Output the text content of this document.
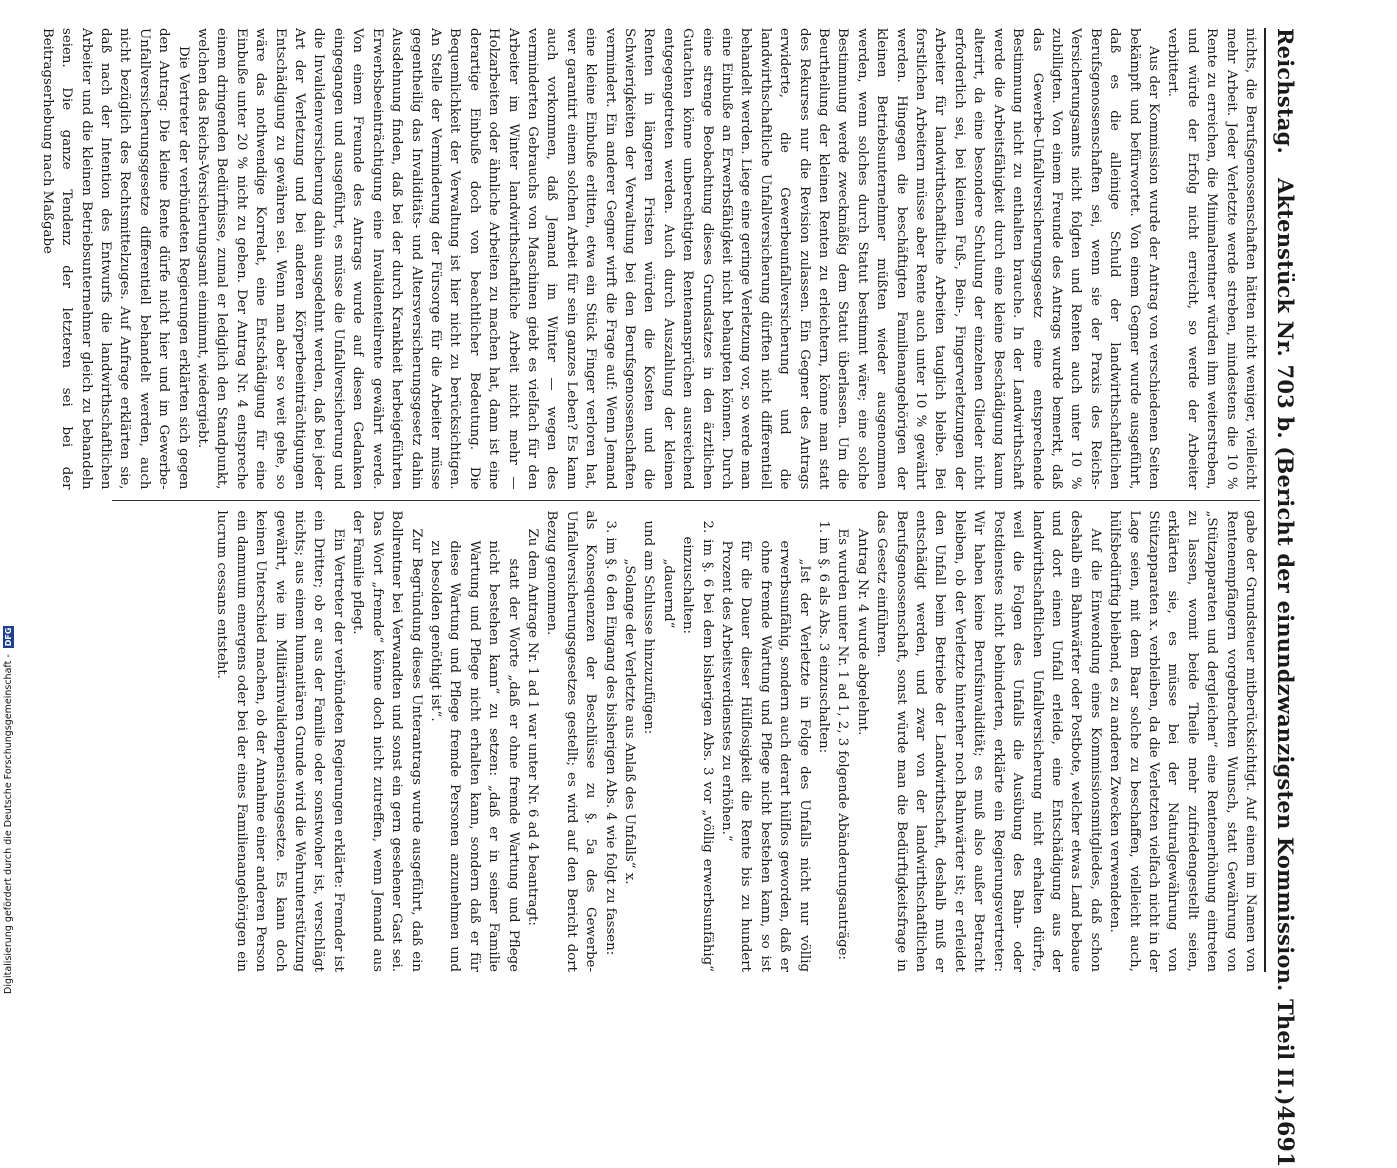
Digitalisierung gefördert durch die Deutsche Forschungsgemeinschaft -DFG
Reichstag.
Aktenstück Nr. 703 b. (Bericht der einundzwanzigsten Kommission. Theil II.)
4691

nichts, die Berufsgenossenschaften hätten nicht weniger, vielleicht mehr Arbeit. Jeder Verletzte werde streben, mindestens die 10 % Rente zu erreichen, die Minimalrentner würden ihm weiterstreben, und würde der Erfolg nicht erreicht, so werde der Arbeiter verbittert.

Aus der Kommission wurde der Antrag von verschiedenen Seiten bekämpft und befürwortet. Von einem Gegner wurde ausgeführt, daß es die alleinige Schuld der landwirthschaftlichen Berufsgenossenschaften sei, wenn sie der Praxis des Reichs-Versicherungsamts nicht folgten und Renten auch unter 10 % zubilligten. Von einem Freunde des Antrags wurde bemerkt, daß das Gewerbe-Unfallversicherungsgesetz eine entsprechende Bestimmung nicht zu enthalten brauche. In der Landwirthschaft werde die Arbeitsfähigkeit durch eine kleine Beschädigung kaum alterirt, da eine besondere Schulung der einzelnen Glieder nicht erforderlich sei, bei kleinen Fuß-, Bein-, Fingerverletzungen der Arbeiter für landwirthschaftliche Arbeiten tauglich bleibe. Bei forstlichen Arbeitern müsse aber Rente auch unter 10 % gewährt werden. Hingegen die beschäftigten Familienangehörigen der kleinen Betriebsunternehmer müßten wieder ausgenommen werden, wenn solches durch Statut bestimmt wäre; eine solche Bestimmung werde zweckmäßig dem Statut überlassen. Um die Beurtheilung der kleinen Renten zu erleichtern, könne man statt des Rekurses nur die Revision zulassen. Ein Gegner des Antrags erwiderte, die Gewerbeunfallversicherung und die landwirthschaftliche Unfallversicherung dürften nicht differentiell behandelt werden. Liege eine geringe Verletzung vor, so werde man eine Einbuße an Erwerbsfähigkeit nicht behaupten können. Durch eine strenge Beobachtung dieses Grundsatzes in den ärztlichen Gutachten könne unberechtigten Rentenansprüchen ausreichend entgegengetreten werden. Auch durch Auszahlung der kleinen Renten in längeren Fristen würden die Kosten und die Schwierigkeiten der Verwaltung bei den Berufsgenossenschaften vermindert. Ein anderer Gegner wirft die Frage auf: Wenn Jemand eine kleine Einbuße erlitten, etwa ein Stück Finger verloren hat, wer garantirt einem solchen Arbeit für sein ganzes Leben? Es kann auch vorkommen, daß Jemand im Winter — wegen des verminderten Gebrauchs von Maschinen giebt es vielfach für den Arbeiter im Winter landwirthschaftliche Arbeit nicht mehr — Holzarbeiten oder ähnliche Arbeiten zu machen hat, dann ist eine derartige Einbuße doch von beachtlicher Bedeutung. Die Bequemlichkeit der Verwaltung ist hier nicht zu berücksichtigen. An Stelle der Verminderung der Fürsorge für die Arbeiter müsse gegentheilig das Invaliditäts- und Altersversicherungsgesetz dahin Ausdehnung finden, daß bei der durch Krankheit herbeigeführten Erwerbsbeeinträchtigung eine Invalidenteilrente gewährt werde. Von einem Freunde des Antrags wurde auf diesen Gedanken eingegangen und ausgeführt, es müsse die Unfallversicherung und die Invalidenversicherung dahin ausgedehnt werden, daß bei jeder Art der Verletzung und bei anderen Körperbeeinträchtigungen Entschädigung zu gewähren sei. Wenn man aber so weit gehe, so wäre das nothwendige Korrelat, eine Entschädigung für eine Einbuße unter 20 % nicht zu geben. Der Antrag Nr. 4 entspreche einem dringenden Bedürfnisse, zumal er lediglich den Standpunkt, welchen das Reichs-Versicherungsamt einnimmt, wiedergiebt.

Die Vertreter der verbündeten Regierungen erklärten sich gegen den Antrag: Die kleine Rente dürfe nicht hier und im Gewerbe-Unfallversicherungsgesetze differentiell behandelt werden, auch nicht bezüglich des Rechtsmittelzuges. Auf Anfrage erklärten sie, daß nach der Intention des Entwurfs die landwirthschaftlichen Arbeiter und die kleinen Betriebsunternehmer gleich zu behandeln seien. Die ganze Tendenz der letzteren sei bei der Beitragserhebung nach Maßgabe

gabe der Grundsteuer mitberücksichtigt. Auf einem im Namen von Rentenempfängern vorgebrachten Wunsch, statt Gewährung von „Stützapparaten und dergleichen“ eine Rentenerhöhung eintreten zu lassen, womit beide Theile mehr zufriedengestellt seien, erklärten sie, es müsse bei der Naturalgewährung von Stützapparaten x. verbleiben, da die Verletzten vielfach nicht in der Lage seien, mit dem Baar solche zu beschaffen, vielleicht auch, hülfsbedürftig bleibend, es zu anderen Zwecken verwendeten.

Auf die Einwendung eines Kommissionsmitgliedes, daß schon deshalb ein Bahnwärter oder Postbote, welcher etwas Land bebaue und dort einen Unfall erleide, eine Entschädigung aus der landwirthschaftlichen Unfallversicherung nicht erhalten dürfte, weil die Folgen des Unfalls die Ausübung des Bahn- oder Postdienstes nicht behinderten, erklärte ein Regierungsvertreter: Wir haben keine Berufsinvalidität; es muß also außer Betracht bleiben, ob der Verletzte hinterher noch Bahnwärter ist; er erleidet den Unfall beim Betriebe der Landwirthschaft, deshalb muß er entschädigt werden, und zwar von der landwirthschaftlichen Berufsgenossenschaft, sonst würde man die Bedürftigkeitsfrage in das Gesetz einführen.

Antrag Nr. 4 wurde abgelehnt.

Es wurden unter Nr. 1 ad 1, 2, 3 folgende Abänderungsanträge:

1. im §. 6 als Abs. 3 einzuschalten:

„Ist der Verletzte in Folge des Unfalls nicht nur völlig erwerbsunfähig, sondern auch derart hülflos geworden, daß er ohne fremde Wartung und Pflege nicht bestehen kann, so ist für die Dauer dieser Hülflosigkeit die Rente bis zu hundert Prozent des Arbeitsverdienstes zu erhöhen.“

2. im §. 6 bei dem bisherigen Abs. 3 vor „völlig erwerbsunfähig“ einzuschalten:

„dauernd“

und am Schlusse hinzuzufügen:

„Solange der Verletzte aus Anlaß des Unfalls“ x.

3. im §. 6 den Eingang des bisherigen Abs. 4 wie folgt zu fassen:

als Konsequenzen der Beschlüsse zu §. 5a des Gewerbe-Unfallversicherungsgesetzes gestellt; es wird auf den Bericht dort Bezug genommen.

Zu dem Antrage Nr. 1 ad 1 war unter Nr. 6 ad 4 beantragt:

statt der Worte „daß er ohne fremde Wartung und Pflege nicht bestehen kann“ zu setzen: „daß er in seiner Familie Wartung und Pflege nicht erhalten kann, sondern daß er für diese Wartung und Pflege fremde Personen anzunehmen und zu besolden genöthigt ist“.

Zur Begründung dieses Unterantrags wurde ausgeführt, daß ein Bollrentner bei Verwandten und sonst ein gern gesehener Gast sei. Das Wort „fremde“ könne doch nicht zutreffen, wenn Jemand aus der Familie pflegt.

Ein Vertreter der verbündeten Regierungen erklärte: Fremder ist ein Dritter; ob er aus der Familie oder sonstwoher ist, verschlägt nichts; aus einem humanitären Grunde wird die Wehrunterstützung gewährt, wie im Militärinvalidenpensionsgesetze. Es kann doch keinen Unterschied machen, ob der Annahme einer anderen Person ein dammum emergens oder bei der eines Familienangehörigen ein lucrum cessans entsteht.
